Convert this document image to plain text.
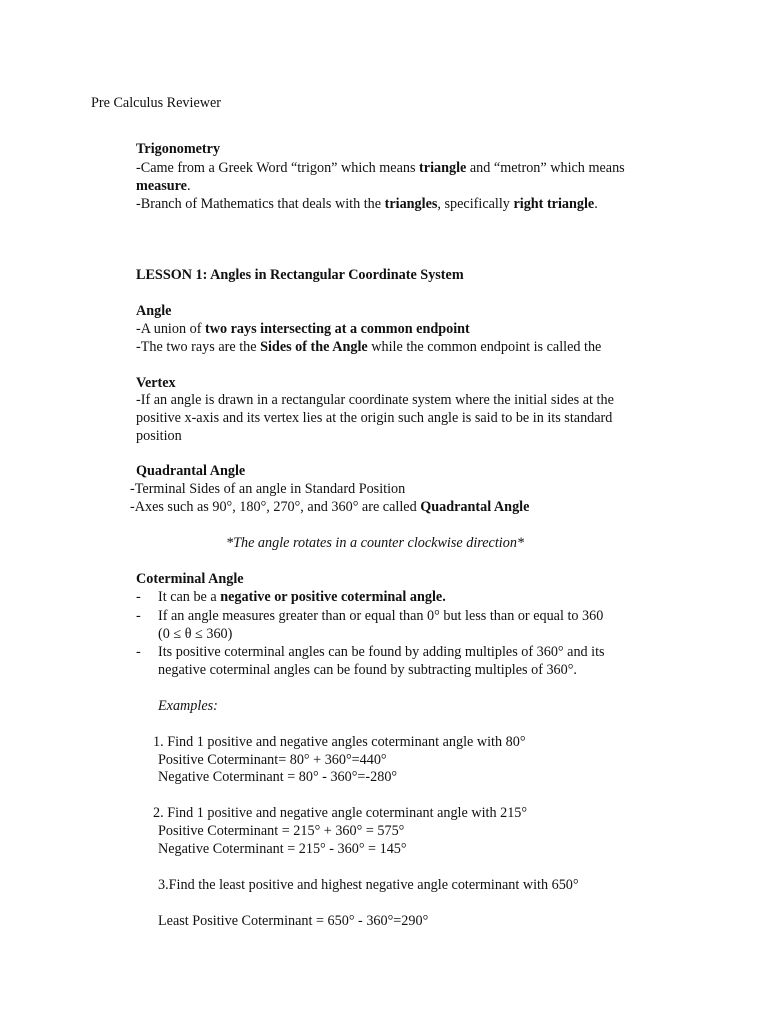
Pre Calculus Reviewer
Trigonometry
-Came from a Greek Word “trigon” which means triangle and “metron” which means
measure.
-Branch of Mathematics that deals with the triangles, specifically right triangle.
LESSON 1: Angles in Rectangular Coordinate System
Angle
-A union of two rays intersecting at a common endpoint
-The two rays are the Sides of the Angle while the common endpoint is called the
Vertex
-If an angle is drawn in a rectangular coordinate system where the initial sides at the
positive x-axis and its vertex lies at the origin such angle is said to be in its standard
position
Quadrantal Angle
-Terminal Sides of an angle in Standard Position
-Axes such as 90°, 180°, 270°, and 360° are called Quadrantal Angle
*The angle rotates in a counter clockwise direction*
Coterminal Angle
- It can be a negative or positive coterminal angle.
- If an angle measures greater than or equal than 0° but less than or equal to 360
(0 ≤ θ ≤ 360)
- Its positive coterminal angles can be found by adding multiples of 360° and its
negative coterminal angles can be found by subtracting multiples of 360°.
Examples:
1. Find 1 positive and negative angles coterminant angle with 80°
Positive Coterminant= 80° + 360°=440°
Negative Coterminant = 80° - 360°=-280°
2. Find 1 positive and negative angle coterminant angle with 215°
Positive Coterminant = 215° + 360° = 575°
Negative Coterminant = 215° - 360° = 145°
3.Find the least positive and highest negative angle coterminant with 650°
Least Positive Coterminant = 650° - 360°=290°
